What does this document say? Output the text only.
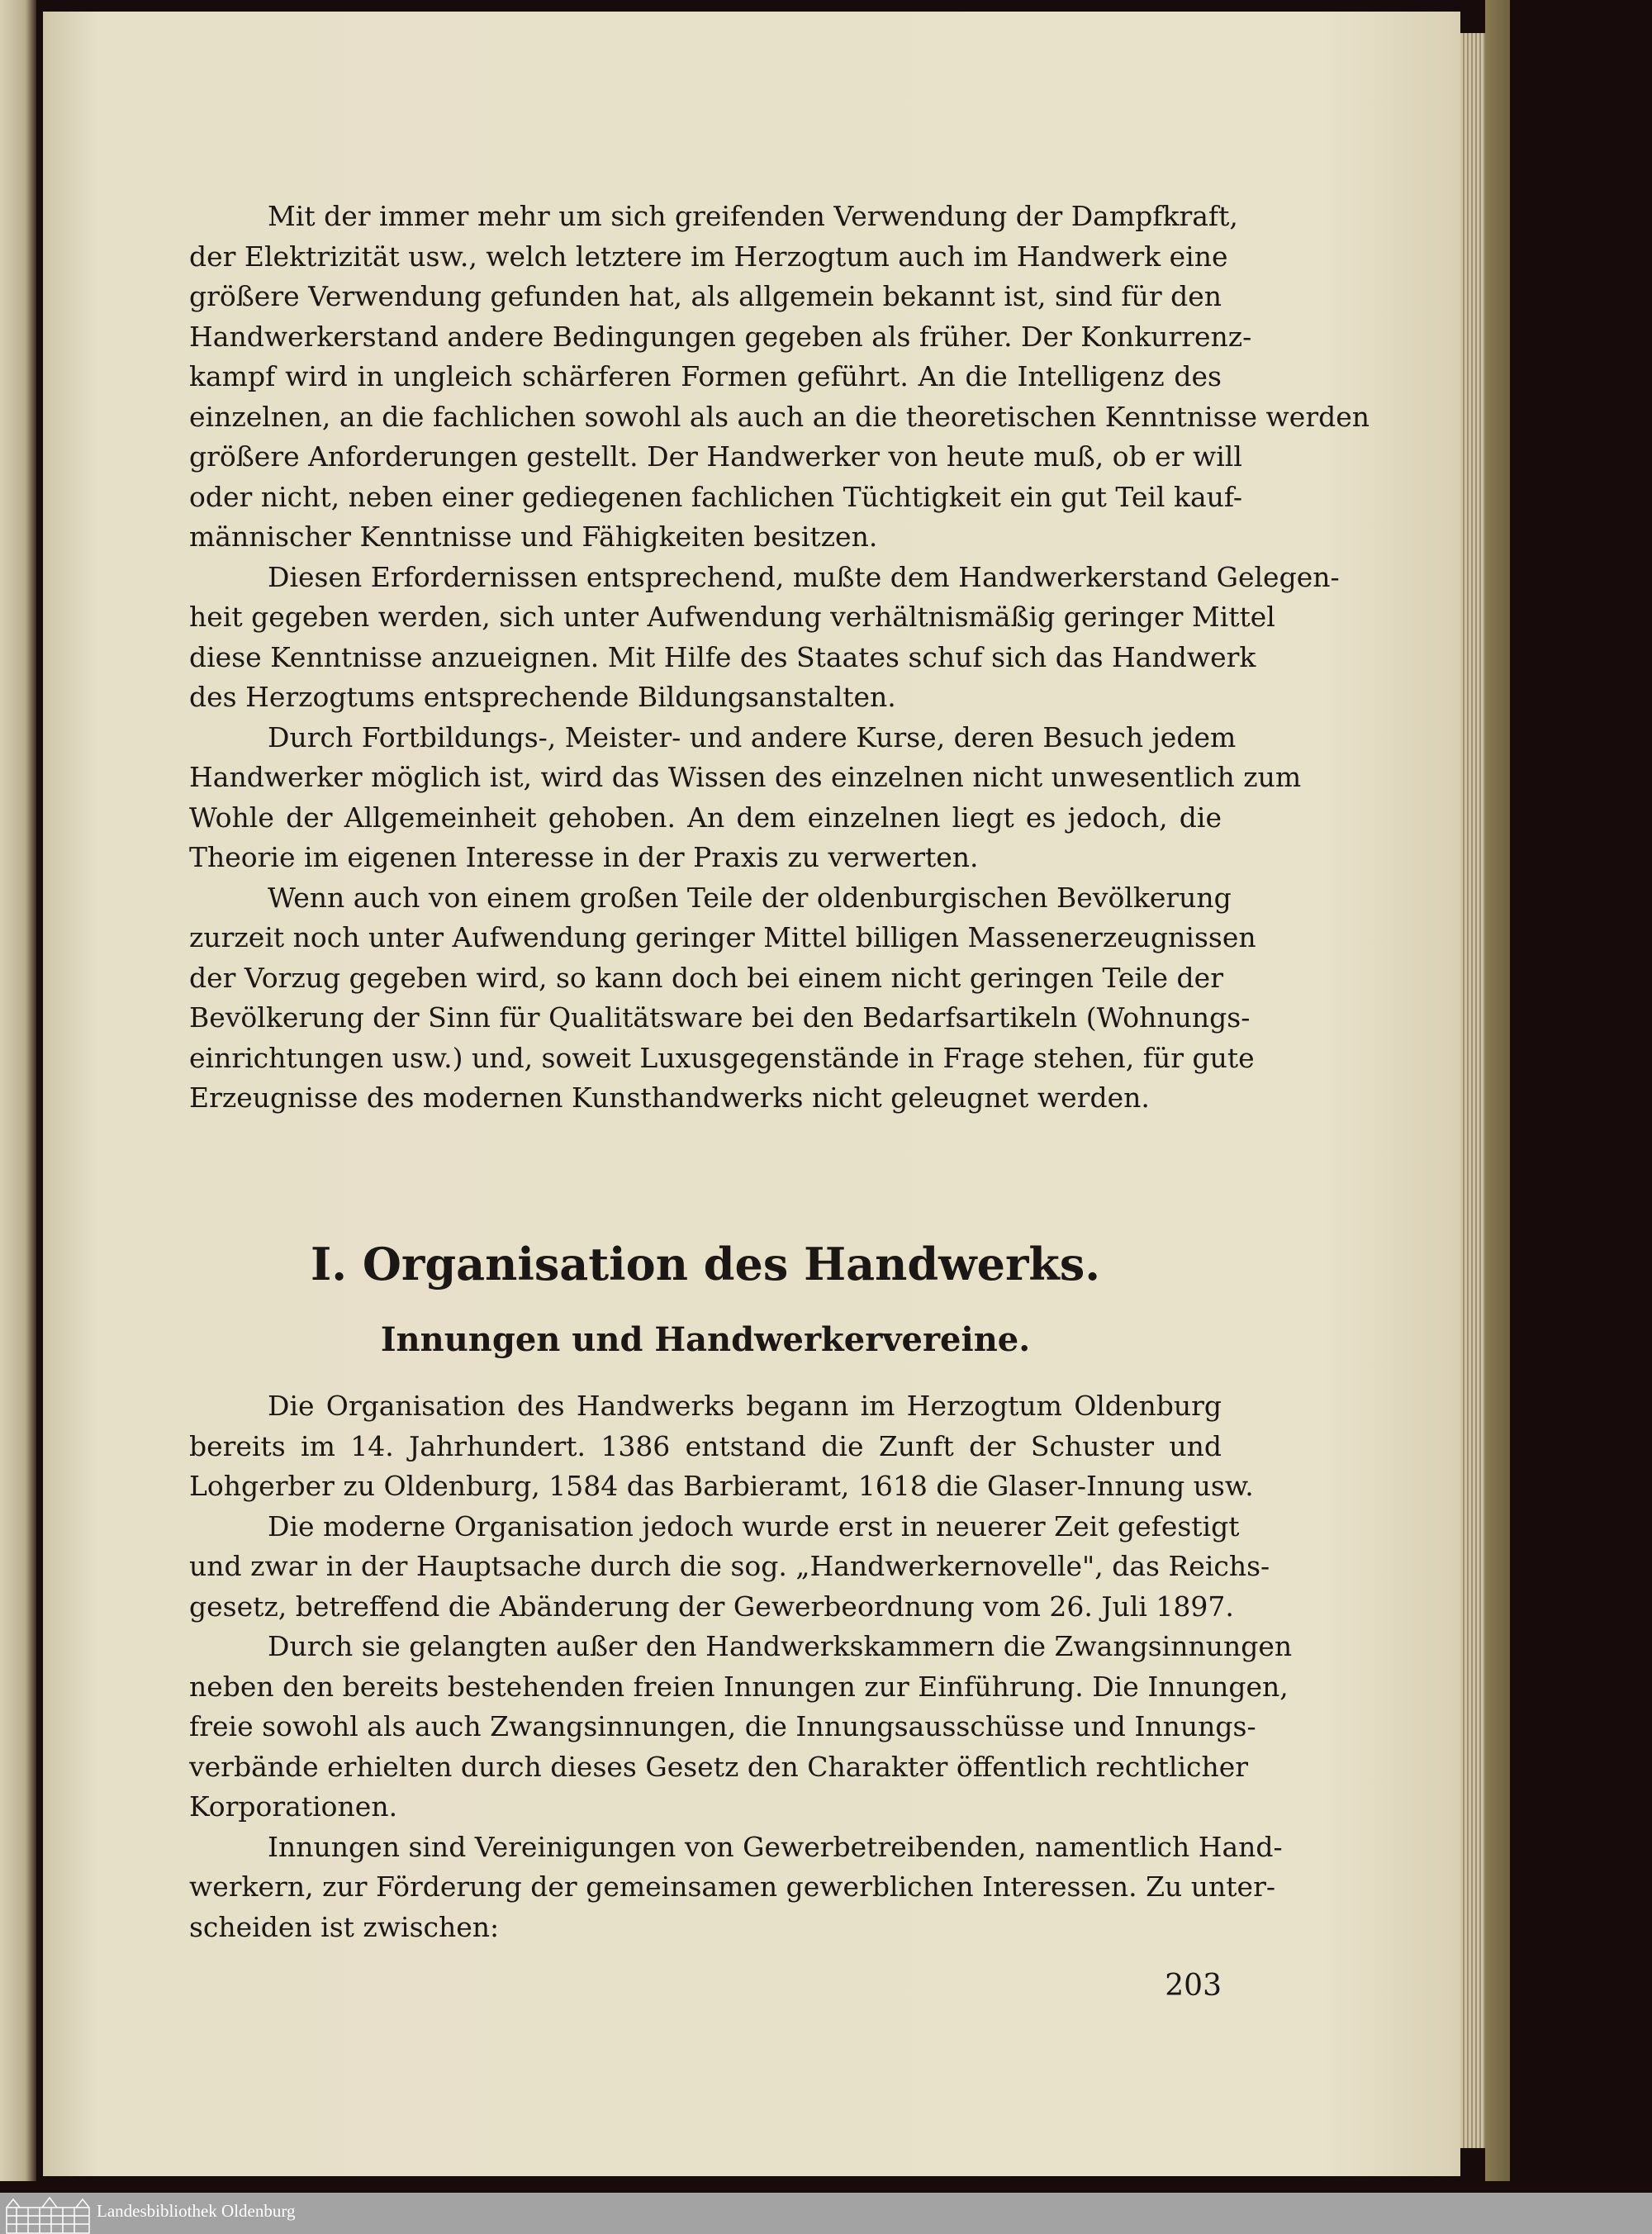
Mit der immer mehr um sich greifenden Verwendung der Dampfkraft,
der Elektrizität usw., welch letztere im Herzogtum auch im Handwerk eine
größere Verwendung gefunden hat, als allgemein bekannt ist, sind für den
Handwerkerstand andere Bedingungen gegeben als früher. Der Konkurrenz-
kampf wird in ungleich schärferen Formen geführt. An die Intelligenz des
einzelnen, an die fachlichen sowohl als auch an die theoretischen Kenntnisse werden
größere Anforderungen gestellt. Der Handwerker von heute muß, ob er will
oder nicht, neben einer gediegenen fachlichen Tüchtigkeit ein gut Teil kauf-
männischer Kenntnisse und Fähigkeiten besitzen.
Diesen Erfordernissen entsprechend, mußte dem Handwerkerstand Gelegen-
heit gegeben werden, sich unter Aufwendung verhältnismäßig geringer Mittel
diese Kenntnisse anzueignen. Mit Hilfe des Staates schuf sich das Handwerk
des Herzogtums entsprechende Bildungsanstalten.
Durch Fortbildungs-, Meister- und andere Kurse, deren Besuch jedem
Handwerker möglich ist, wird das Wissen des einzelnen nicht unwesentlich zum
Wohle der Allgemeinheit gehoben. An dem einzelnen liegt es jedoch, die
Theorie im eigenen Interesse in der Praxis zu verwerten.
Wenn auch von einem großen Teile der oldenburgischen Bevölkerung
zurzeit noch unter Aufwendung geringer Mittel billigen Massenerzeugnissen
der Vorzug gegeben wird, so kann doch bei einem nicht geringen Teile der
Bevölkerung der Sinn für Qualitätsware bei den Bedarfsartikeln (Wohnungs-
einrichtungen usw.) und, soweit Luxusgegenstände in Frage stehen, für gute
Erzeugnisse des modernen Kunsthandwerks nicht geleugnet werden.
I. Organisation des Handwerks.
Innungen und Handwerkervereine.
Die Organisation des Handwerks begann im Herzogtum Oldenburg
bereits im 14. Jahrhundert. 1386 entstand die Zunft der Schuster und
Lohgerber zu Oldenburg, 1584 das Barbieramt, 1618 die Glaser-Innung usw.
Die moderne Organisation jedoch wurde erst in neuerer Zeit gefestigt
und zwar in der Hauptsache durch die sog. „Handwerkernovelle", das Reichs-
gesetz, betreffend die Abänderung der Gewerbeordnung vom 26. Juli 1897.
Durch sie gelangten außer den Handwerkskammern die Zwangsinnungen
neben den bereits bestehenden freien Innungen zur Einführung. Die Innungen,
freie sowohl als auch Zwangsinnungen, die Innungsausschüsse und Innungs-
verbände erhielten durch dieses Gesetz den Charakter öffentlich rechtlicher
Korporationen.
Innungen sind Vereinigungen von Gewerbetreibenden, namentlich Hand-
werkern, zur Förderung der gemeinsamen gewerblichen Interessen. Zu unter-
scheiden ist zwischen:
203
Landesbibliothek Oldenburg
